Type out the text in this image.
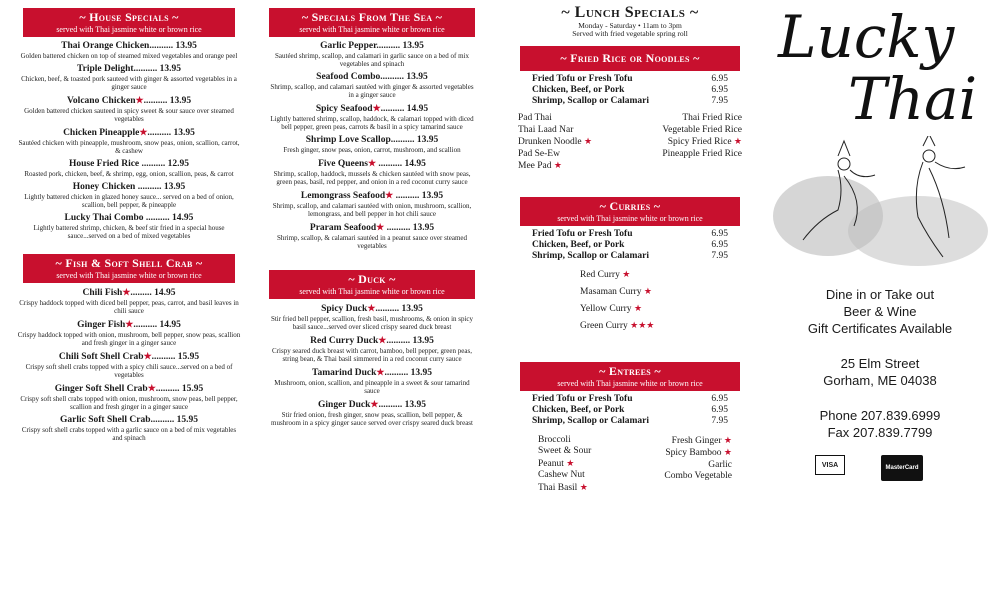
~ House Specials ~
served with Thai jasmine white or brown rice
Thai Orange Chicken.......... 13.95
Golden battered chicken on top of steamed mixed vegetables and orange peel
Triple Delight.......... 13.95
Chicken, beef, & toasted pork sauteed with ginger & assorted vegetables in a ginger sauce
Volcano Chicken★.......... 13.95
Golden battered chicken sauteed in spicy sweet & sour sauce over steamed vegetables
Chicken Pineapple★.......... 13.95
Sautéed chicken with pineapple, mushroom, snow peas, onion, scallion, carrot, & cashew
House Fried Rice .......... 12.95
Roasted pork, chicken, beef, & shrimp, egg, onion, scallion, peas, & carrot
Honey Chicken .......... 13.95
Lightly battered chicken in glazed honey sauce... served on a bed of onion, scallion, bell pepper, & pineapple
Lucky Thai Combo .......... 14.95
Lightly battered shrimp, chicken, & beef stir fried in a special house sauce...served on a bed of mixed vegetables
~ Fish & Soft Shell Crab ~
served with Thai jasmine white or brown rice
Chili Fish★......... 14.95
Crispy haddock topped with diced bell pepper, peas, carrot, and basil leaves in chili sauce
Ginger Fish★.......... 14.95
Crispy haddock topped with onion, mushroom, bell pepper, snow peas, scallion and fresh ginger in a ginger sauce
Chili Soft Shell Crab★.......... 15.95
Crispy soft shell crabs topped with a spicy chili sauce...served on a bed of vegetables
Ginger Soft Shell Crab★.......... 15.95
Crispy soft shell crabs topped with onion, mushroom, snow peas, bell pepper, scallion and fresh ginger in a ginger sauce
Garlic Soft Shell Crab.......... 15.95
Crispy soft shell crabs topped with a garlic sauce on a bed of mix vegetables and spinach
~ Specials From The Sea ~
served with Thai jasmine white or brown rice
Garlic Pepper.......... 13.95
Sautéed shrimp, scallop, and calamari in garlic sauce on a bed of mix vegetables and spinach
Seafood Combo.......... 13.95
Shrimp, scallop, and calamari sautéed with ginger & assorted vegetables in a ginger sauce
Spicy Seafood★.......... 14.95
Lightly battered shrimp, scallop, haddock, & calamari topped with diced bell pepper, green peas, carrots & basil in a spicy tamarind sauce
Shrimp Love Scallop.......... 13.95
Fresh ginger, snow peas, onion, carrot, mushroom, and scallion
Five Queens★ .......... 14.95
Shrimp, scallop, haddock, mussels & chicken sautéed with snow peas, green peas, basil, red pepper, and onion in a red coconut curry sauce
Lemongrass Seafood★ .......... 13.95
Shrimp, scallop, and calamari sautéed with onion, mushroom, scallion, lemongrass, and bell pepper in hot chili sauce
Praram Seafood★ .......... 13.95
Shrimp, scallop, & calamari sautéed in a peanut sauce over steamed vegetables
~ Duck ~
served with Thai jasmine white or brown rice
Spicy Duck★.......... 13.95
Stir fried bell pepper, scallion, fresh basil, mushrooms, & onion in spicy basil sauce...served over sliced crispy seared duck breast
Red Curry Duck★.......... 13.95
Crispy seared duck breast with carrot, bamboo, bell pepper, green peas, string bean, & Thai basil simmered in a red coconut curry sauce
Tamarind Duck★.......... 13.95
Mushroom, onion, scallion, and pineapple in a sweet & sour tamarind sauce
Ginger Duck★.......... 13.95
Stir fried onion, fresh ginger, snow peas, scallion, bell pepper, & mushroom in a spicy ginger sauce served over crispy seared duck breast
~ Lunch Specials ~
Monday - Saturday • 11am to 3pm
Served with fried vegetable spring roll
~ Fried Rice or Noodles ~
Fried Tofu or Fresh Tofu	6.95
Chicken, Beef, or Pork	6.95
Shrimp, Scallop or Calamari	7.95
Pad Thai
Thai Laad Nar
Drunken Noodle ★
Pad Se-Ew
Mee Pad ★
Thai Fried Rice
Vegetable Fried Rice
Spicy Fried Rice ★
Pineapple Fried Rice
~ Curries ~
served with Thai jasmine white or brown rice
Fried Tofu or Fresh Tofu	6.95
Chicken, Beef, or Pork	6.95
Shrimp, Scallop or Calamari	7.95
Red Curry ★
Masaman Curry ★
Yellow Curry ★
Green Curry ★★★
~ Entrees ~
served with Thai jasmine white or brown rice
Fried Tofu or Fresh Tofu	6.95
Chicken, Beef, or Pork	6.95
Shrimp, Scallop or Calamari	7.95
Broccoli
Sweet & Sour
Peanut ★
Cashew Nut
Thai Basil ★
Fresh Ginger ★
Spicy Bamboo ★
Garlic
Combo Vegetable
Lucky
Thai
Dine in or Take out
Beer & Wine
Gift Certificates Available
25 Elm Street
Gorham, ME 04038
Phone 207.839.6999
Fax 207.839.7799
VISA	MasterCard
